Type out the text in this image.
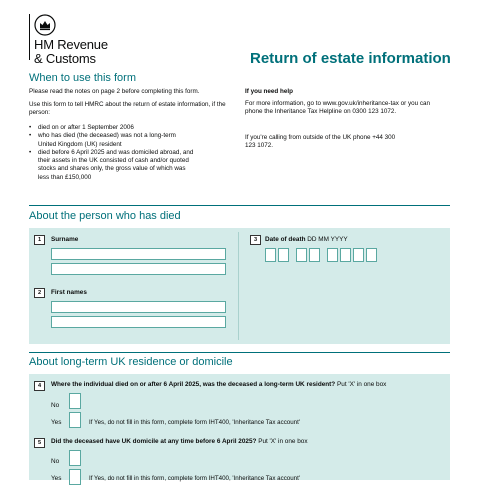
HM Revenue
& Customs	Return of estate information
When to use this form
Please read the notes on page 2 before completing this form.
Use this form to tell HMRC about the return of estate information, if the person:
• died on or after 1 September 2006
• who has died (the deceased) was not a long-term United Kingdom (UK) resident
• died before 6 April 2025 and was domiciled abroad, and their assets in the UK consisted of cash and/or quoted stocks and shares only, the gross value of which was less than £150,000
If you need help
For more information, go to www.gov.uk/inheritance-tax or you can phone the Inheritance Tax Helpline on 0300 123 1072.
If you're calling from outside of the UK phone +44 300 123 1072.
About the person who has died
1	Surname
2	First names
3	Date of death DD MM YYYY
About long-term UK residence or domicile
4	Where the individual died on or after 6 April 2025, was the deceased a long-term UK resident? Put 'X' in one box
No
Yes	If Yes, do not fill in this form, complete form IHT400, 'Inheritance Tax account'
5	Did the deceased have UK domicile at any time before 6 April 2025? Put 'X' in one box
No
Yes	If Yes, do not fill in this form, complete form IHT400, 'Inheritance Tax account'
